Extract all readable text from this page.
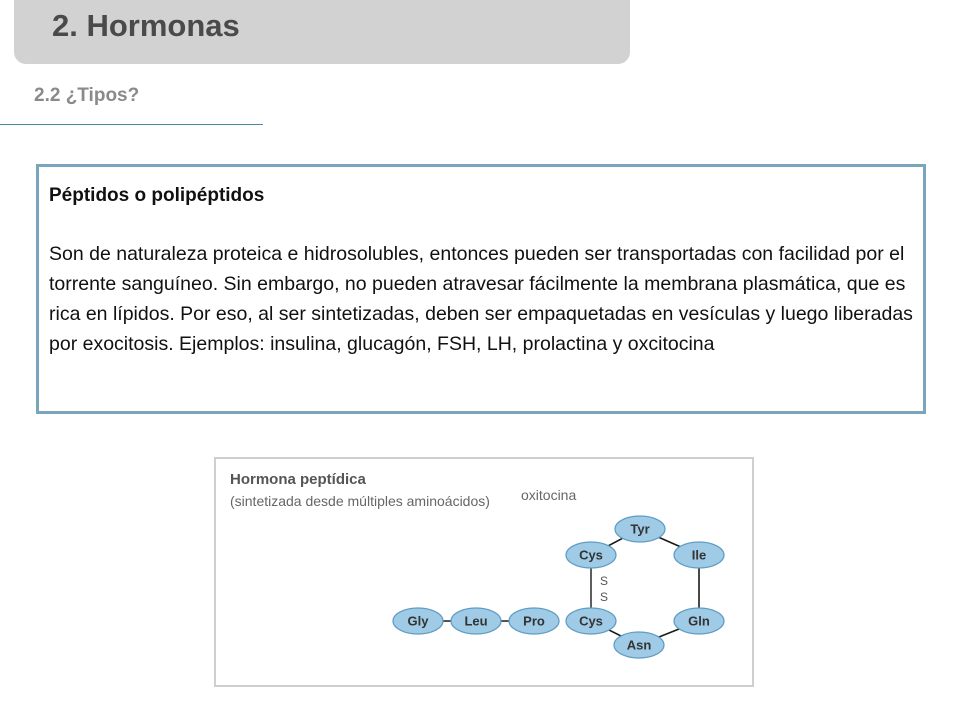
2. Hormonas
2.2 ¿Tipos?

Péptidos o polipéptidos

Son de naturaleza proteica e hidrosolubles, entonces pueden ser transportadas con facilidad por el torrente sanguíneo. Sin embargo, no pueden atravesar fácilmente la membrana plasmática, que es rica en lípidos. Por eso, al ser sintetizadas, deben ser empaquetadas en vesículas y luego liberadas por exocitosis. Ejemplos: insulina, glucagón, FSH, LH, prolactina y oxcitocina

Hormona peptídica
(sintetizada desde múltiples aminoácidos) oxitocina
S
S
Gly	Leu	Pro	Cys
Asn
Gln
Ile
Tyr
Cys
